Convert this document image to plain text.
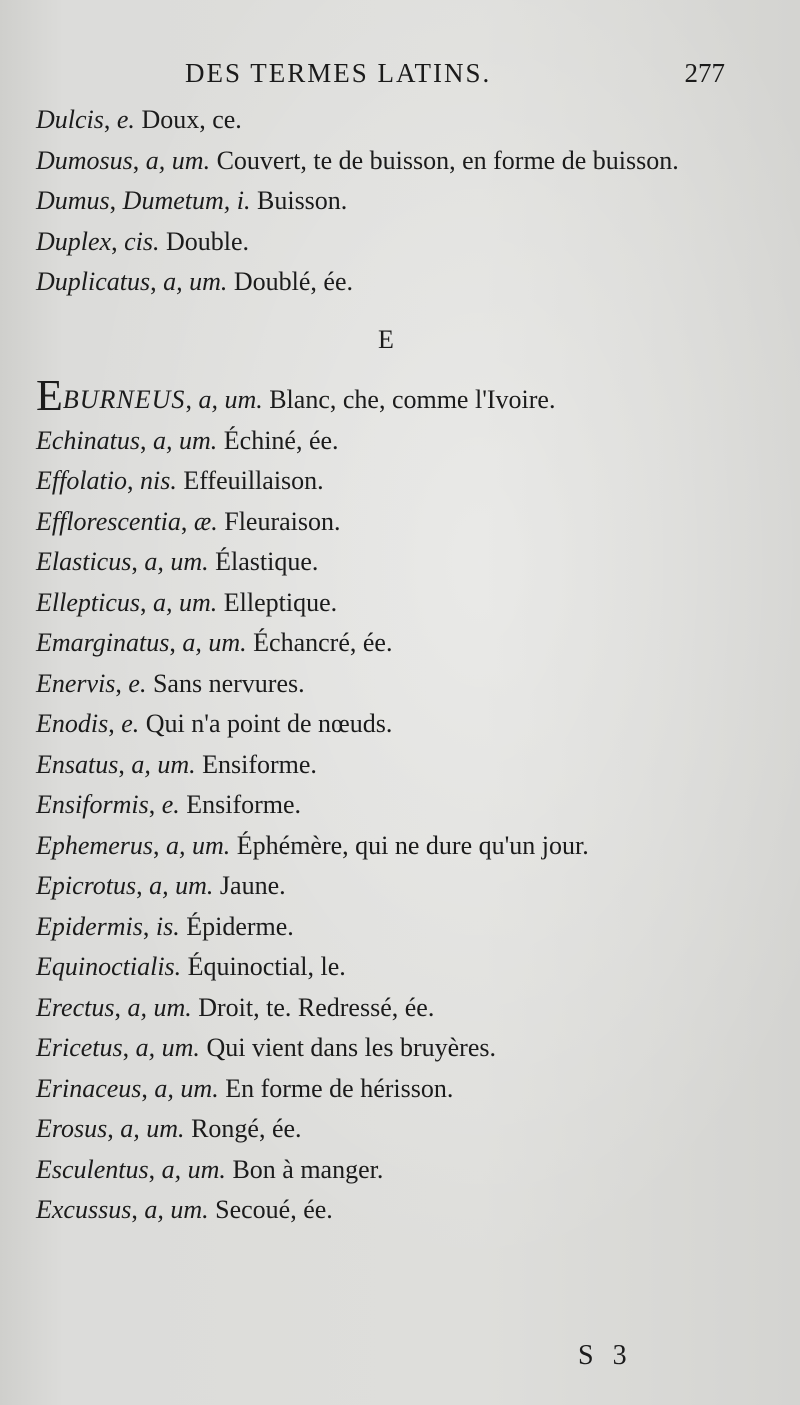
DES TERMES LATINS.	277
Dulcis, e. Doux, ce.
Dumosus, a, um. Couvert, te de buisson, en forme de buisson.
Dumus, Dumetum, i. Buisson.
Duplex, cis. Double.
Duplicatus, a, um. Doublé, ée.
E
EBURNEUS, a, um. Blanc, che, comme l'Ivoire.
Echinatus, a, um. Échiné, ée.
Effolatio, nis. Effeuillaison.
Efflorescentia, æ. Fleuraison.
Elasticus, a, um. Élastique.
Ellepticus, a, um. Elleptique.
Emarginatus, a, um. Échancré, ée.
Enervis, e. Sans nervures.
Enodis, e. Qui n'a point de nœuds.
Ensatus, a, um. Ensiforme.
Ensiformis, e. Ensiforme.
Ephemerus, a, um. Éphémère, qui ne dure qu'un jour.
Epicrotus, a, um. Jaune.
Epidermis, is. Épiderme.
Equinoctialis. Équinoctial, le.
Erectus, a, um. Droit, te. Redressé, ée.
Ericetus, a, um. Qui vient dans les bruyères.
Erinaceus, a, um. En forme de hérisson.
Erosus, a, um. Rongé, ée.
Esculentus, a, um. Bon à manger.
Excussus, a, um. Secoué, ée.
S 3
